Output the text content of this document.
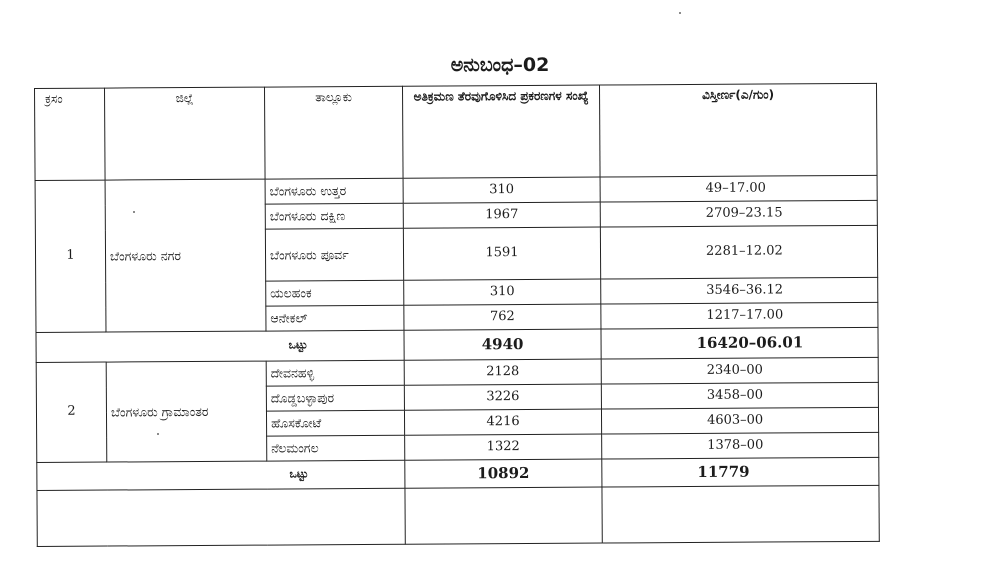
ಅನುಬಂಧ–02
ಕ್ರಸಂ	ಜಿಲ್ಲೆ	ತಾಲ್ಲೂಕು	ಅತಿಕ್ರಮಣ ತೆರವುಗೊಳಿಸಿದ ಪ್ರಕರಣಗಳ ಸಂಖ್ಯೆ	ವಿಸ್ತೀರ್ಣ(ಎ/ಗುಂ)
1	ಬೆಂಗಳೂರು ನಗರ	ಬೆಂಗಳೂರು ಉತ್ತರ	310	49–17.00
		ಬೆಂಗಳೂರು ದಕ್ಷಿಣ	1967	2709–23.15
		ಬೆಂಗಳೂರು ಪೂರ್ವ	1591	2281–12.02
		ಯಲಹಂಕ	310	3546–36.12
		ಆನೇಕಲ್	762	1217–17.00
ಒಟ್ಟು			4940	16420–06.01
2	ಬೆಂಗಳೂರು ಗ್ರಾಮಾಂತರ	ದೇವನಹಳ್ಳಿ	2128	2340–00
		ದೊಡ್ಡಬಳ್ಳಾಪುರ	3226	3458–00
		ಹೊಸಕೋಟೆ	4216	4603–00
		ನೆಲಮಂಗಲ	1322	1378–00
ಒಟ್ಟು			10892	11779
